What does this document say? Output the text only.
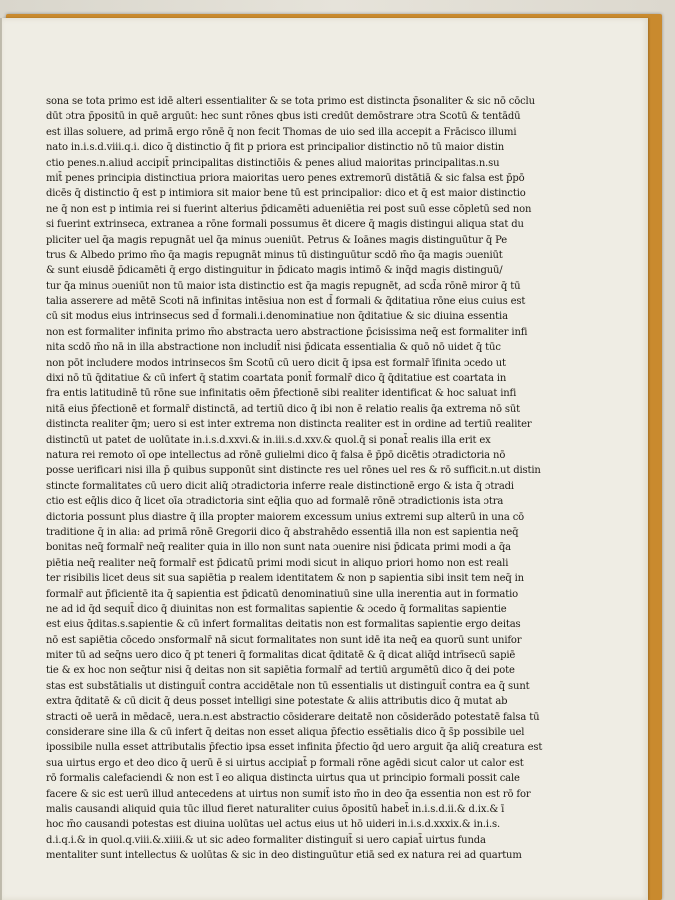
sona se tota primo est idē alteri essentialiter & se tota primo est distincta p̄sonaliter & sic nō cōclu
dūt ɔtra p̄positū in quē arguūt: hec sunt rōnes qbus isti credūt demōstrare ɔtra Scotū & tentādū
est illas soluere, ad primā ergo rōnē q̄ non fecit Thomas de uio sed illa accepit a Frācisco illumi
nato in.i.s.d.viii.q.i. dico q̄ distinctio q̄ fit p priora est principalior distinctio nō tū maior distin
ctio penes.n.aliud accipit̄ principalitas distinctiōis & penes aliud maioritas principalitas.n.su
mit̄ penes principia distinctiua priora maioritas uero penes extremorū distātiā & sic falsa est p̄pō
dicēs q̄ distinctio q̄ est p intimiora sit maior bene tū est principalior: dico et q̄ est maior distinctio
ne q̄ non est p intimia rei si fuerint alterius p̄dicamēti adueniētia rei post suū esse cōpletū sed non
si fuerint extrinseca, extranea a rōne formali possumus ēt dicere q̄ magis distingui aliqua stat du
pliciter uel q̄a magis repugnāt uel q̄a minus ɔueniūt. Petrus & Ioānes magis distinguūtur q̄ Pe
trus & Albedo primo m̄o q̄a magis repugnāt minus tū distinguūtur scdō m̄o q̄a magis ɔueniūt
& sunt eiusdē p̄dicamēti q̄ ergo distinguitur in p̄dicato magis intimō & inq̄d magis distinguū/
tur q̄a minus ɔueniūt non tū maior ista distinctio est q̄a magis repugnēt, ad scd̄a rōnē miror q̄ tū
talia asserere ad mētē Scoti nā infinitas intēsiua non est d̄ formali & q̄ditatiua rōne eius cuius est
cū sit modus eius intrinsecus sed d̄ formali.i.denominatiue non q̄ditatiue & sic diuina essentia
non est formaliter infinita primo m̄o abstracta uero abstractione p̄cisissima neq̄ est formaliter infi
nita scdō m̄o nā in illa abstractione non includit̄ nisi p̄dicata essentialia & quō nō uidet q̄ tūc
non pōt includere modos intrinsecos s̄m Scotū cū uero dicit q̄ ipsa est formalr̄ īfinita ɔcedo ut
dixi nō tū q̄ditatiue & cū infert q̄ statim coartata ponit̄ formalr̄ dico q̄ q̄ditatiue est coartata in
fra entis latitudinē tū rōne sue infinitatis oēm p̄fectionē sibi realiter identificat & hoc saluat infi
nitā eius p̄fectionē et formalr̄ distinctā, ad tertiū dico q̄ ibi non ē relatio realis q̄a extrema nō sūt
distincta realiter q̄m; uero si est inter extrema non distincta realiter est in ordine ad tertiū realiter
distinctū ut patet de uolūtate in.i.s.d.xxvi.& in.iii.s.d.xxv.& quol.q̄ si ponat̄ realis illa erit ex
natura rei remoto oī ope intellectus ad rōnē gulielmi dico q̄ falsa ē p̄pō dicētis ɔtradictoria nō
posse uerificari nisi illa p̄ quibus supponūt sint distincte res uel rōnes uel res & rō sufficit.n.ut distin
stincte formalitates cū uero dicit aliq̄ ɔtradictoria inferre reale distinctionē ergo & ista q̄ ɔtradi
ctio est eq̄lis dico q̄ licet oīa ɔtradictoria sint eq̄lia quo ad formalē rōnē ɔtradictionis ista ɔtra
dictoria possunt plus diastre q̄ illa propter maiorem excessum unius extremi sup alterū in una cō
traditione q̄ in alia: ad primā rōnē Gregorii dico q̄ abstrahēdo essentiā illa non est sapientia neq̄
bonitas neq̄ formalr̄ neq̄ realiter quia in illo non sunt nata ɔuenire nisi p̄dicata primi modi a q̄a
piētia neq̄ realiter neq̄ formalr̄ est p̄dicatū primi modi sicut in aliquo priori homo non est reali
ter risibilis licet deus sit sua sapiētia p realem identitatem & non p sapientia sibi insit tem neq̄ in
formalr̄ aut p̄ficientē ita q̄ sapientia est p̄dicatū denominatiuū sine ulla inerentia aut in formatio
ne ad id q̄d sequit̄ dico q̄ diuinitas non est formalitas sapientie & ɔcedo q̄ formalitas sapientie
est eius q̄ditas.s.sapientie & cū infert formalitas deitatis non est formalitas sapientie ergo deitas
nō est sapiētia cōcedo ɔnsformalr̄ nā sicut formalitates non sunt idē ita neq̄ ea quorū sunt unifor
miter tū ad seq̄ns uero dico q̄ pt teneri q̄ formalitas dicat q̄ditatē & q̄ dicat aliq̄d intrīsecū sapiē
tie & ex hoc non seq̄tur nisi q̄ deitas non sit sapiētia formalr̄ ad tertiū argumētū dico q̄ dei pote
stas est substātialis ut distinguit̄ contra accidētale non tū essentialis ut distinguit̄ contra ea q̄ sunt
extra q̄ditatē & cū dicit q̄ deus posset intelligi sine potestate & aliis attributis dico q̄ mutat ab
stracti oē uerā in mēdacē, uera.n.est abstractio cōsiderare deitatē non cōsiderādo potestatē falsa tū
considerare sine illa & cū infert q̄ deitas non esset aliqua p̄fectio essētialis dico q̄ s̄p possibile uel
ipossibile nulla esset attributalis p̄fectio ipsa esset infinita p̄fectio q̄d uero arguit q̄a aliq̄ creatura est
sua uirtus ergo et deo dico q̄ uerū ē si uirtus accipiat̄ p formali rōne agēdi sicut calor ut calor est
rō formalis calefaciendi & non est ī eo aliqua distincta uirtus qua ut principio formali possit cale
facere & sic est uerū illud antecedens at uirtus non sumit̄ isto m̄o in deo q̄a essentia non est rō for
malis causandi aliquid quia tūc illud fieret naturaliter cuius ōpositū habet̄ in.i.s.d.ii.& d.ix.& ī
hoc m̄o causandi potestas est diuina uolūtas uel actus eius ut hō uideri in.i.s.d.xxxix.& in.i.s.
d.i.q.i.& in quol.q.viii.&.xiiii.& ut sic adeo formaliter distinguit̄ si uero capiat̄ uirtus funda
mentaliter sunt intellectus & uolūtas & sic in deo distinguūtur etiā sed ex natura rei ad quartum
